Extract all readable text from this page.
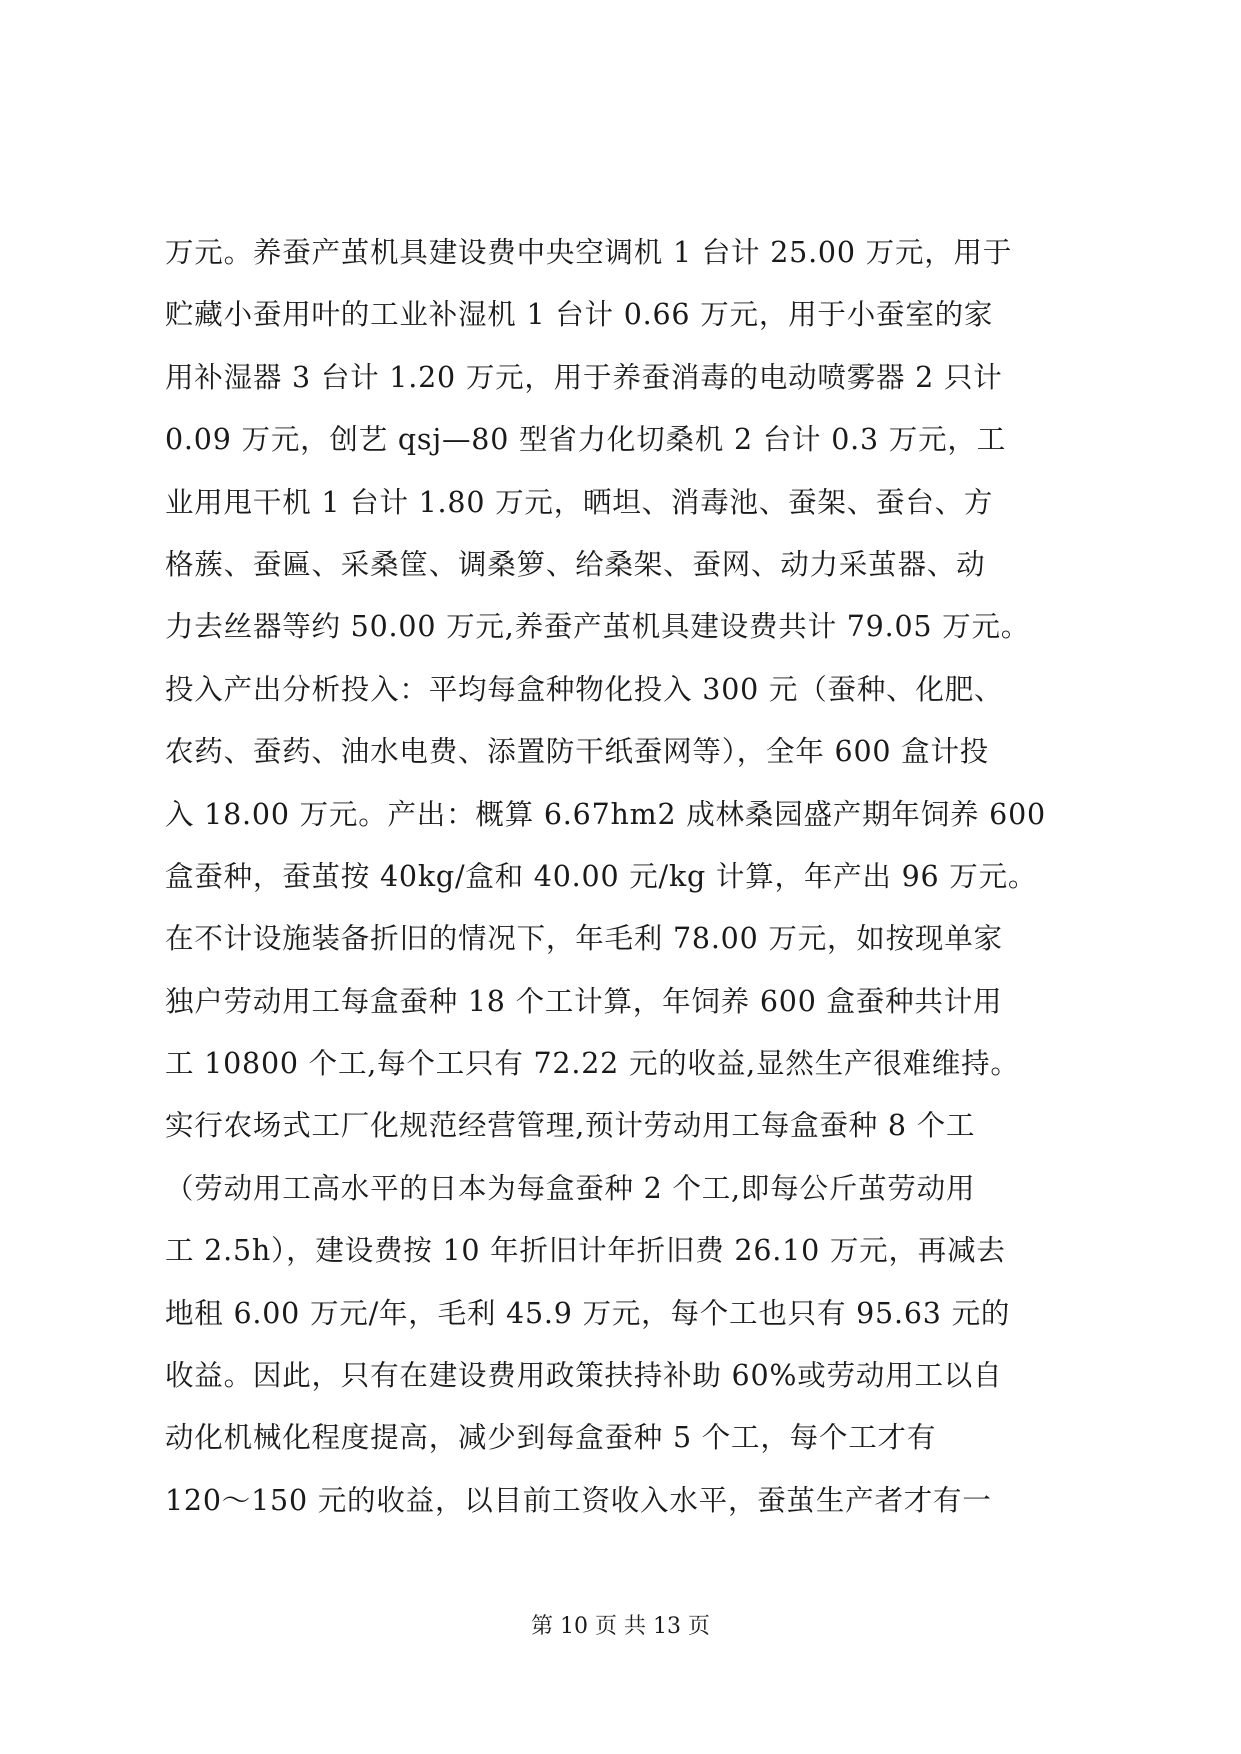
万元。养蚕产茧机具建设费中央空调机 1 台计 25.00 万元，用于
贮藏小蚕用叶的工业补湿机 1 台计 0.66 万元，用于小蚕室的家
用补湿器 3 台计 1.20 万元，用于养蚕消毒的电动喷雾器 2 只计
0.09 万元，创艺 qsj—80 型省力化切桑机 2 台计 0.3 万元，工
业用甩干机 1 台计 1.80 万元，晒坦、消毒池、蚕架、蚕台、方
格蔟、蚕匾、采桑筐、调桑箩、给桑架、蚕网、动力采茧器、动
力去丝器等约 50.00 万元,养蚕产茧机具建设费共计 79.05 万元。
投入产出分析投入：平均每盒种物化投入 300 元（蚕种、化肥、
农药、蚕药、油水电费、添置防干纸蚕网等），全年 600 盒计投
入 18.00 万元。产出：概算 6.67hm2 成林桑园盛产期年饲养 600
盒蚕种，蚕茧按 40kg/盒和 40.00 元/kg 计算，年产出 96 万元。
在不计设施装备折旧的情况下，年毛利 78.00 万元，如按现单家
独户劳动用工每盒蚕种 18 个工计算，年饲养 600 盒蚕种共计用
工 10800 个工,每个工只有 72.22 元的收益,显然生产很难维持。
实行农场式工厂化规范经营管理,预计劳动用工每盒蚕种 8 个工
（劳动用工高水平的日本为每盒蚕种 2 个工,即每公斤茧劳动用
工 2.5h），建设费按 10 年折旧计年折旧费 26.10 万元，再减去
地租 6.00 万元/年，毛利 45.9 万元，每个工也只有 95.63 元的
收益。因此，只有在建设费用政策扶持补助 60%或劳动用工以自
动化机械化程度提高，减少到每盒蚕种 5 个工，每个工才有
120～150 元的收益，以目前工资收入水平，蚕茧生产者才有一
第 10 页 共 13 页
